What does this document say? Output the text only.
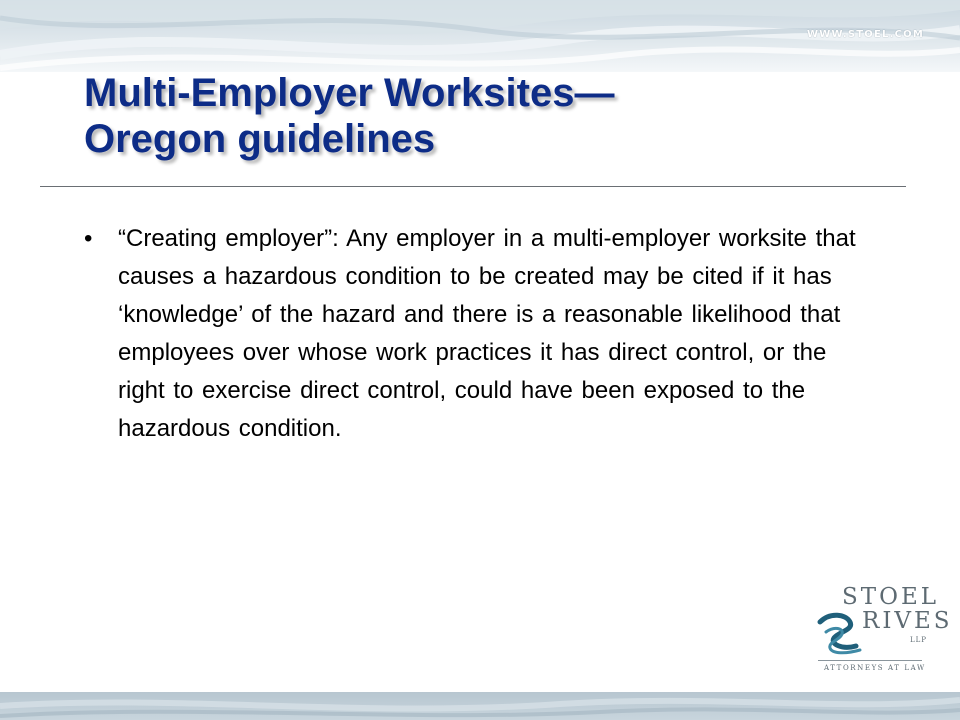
WWW.STOEL.COM
Multi-Employer Worksites—
Oregon guidelines
• “Creating employer”: Any employer in a multi-employer worksite that causes a hazardous condition to be created may be cited if it has ‘knowledge’ of the hazard and there is a reasonable likelihood that employees over whose work practices it has direct control, or the right to exercise direct control, could have been exposed to the hazardous condition.
STOEL
RIVES
LLP
ATTORNEYS AT LAW
